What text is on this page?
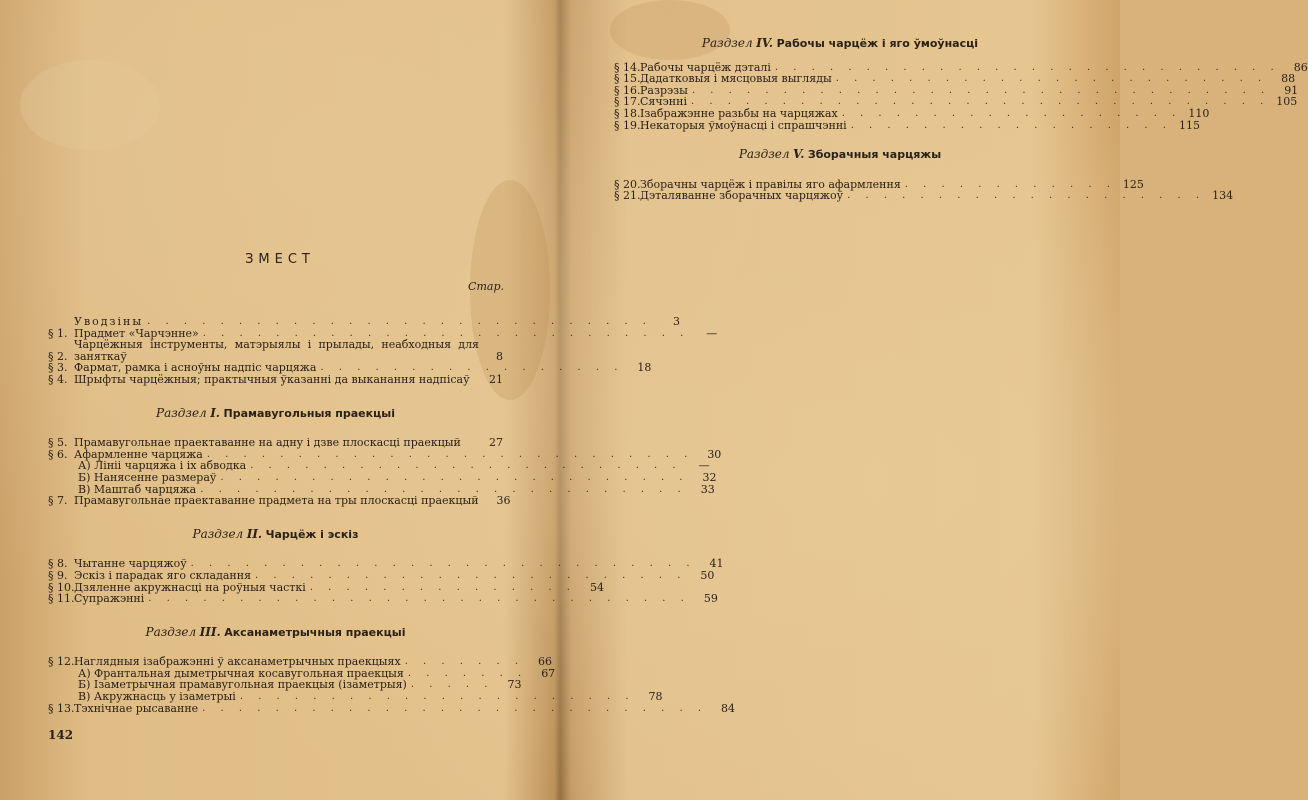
ЗМЕСТ
Стар.
Уводзіны . . . . . . . . . . . . . . . . . . . . . . . . . . . .	3
§ 1. Прадмет «Чарчэнне» . . . . . . . . . . . . . . . . . . . . . . . . . . .	—
§ 2.
Чарцёжныя інструменты, матэрыялы і прылады, неабходныя для заняткаў	8
§ 3. Фармат, рамка і асноўны надпіс чарцяжа . . . . . . . . . . . . . . . . .	18
§ 4. Шрыфты чарцёжныя; практычныя ўказанні да выканання надпісаў	21
Раздзел I. Прамавугольныя праекцыі
§ 5. Прамавугольнае праектаванне на адну і дзве плоскасці праекцый	27
§ 6. Афармленне чарцяжа . . . . . . . . . . . . . . . . . . . . . . . . . . .	30
А) Лініі чарцяжа і іх абводка . . . . . . . . . . . . . . . . . . . . . . . .	—
Б) Нанясенне размераў . . . . . . . . . . . . . . . . . . . . . . . . . .	32
В) Маштаб чарцяжа . . . . . . . . . . . . . . . . . . . . . . . . . . .	33
§ 7. Прамавугольнае праектаванне прадмета на тры плоскасці праекцый	36
Раздзел II. Чарцёж і эскіз
§ 8. Чытанне чарцяжоў . . . . . . . . . . . . . . . . . . . . . . . . . . . .	41
§ 9. Эскіз і парадак яго складання . . . . . . . . . . . . . . . . . . . . . . . .	50
§ 10. Дзяленне акружнасці на роўныя часткі . . . . . . . . . . . . . . .	54
§ 11. Супражэнні . . . . . . . . . . . . . . . . . . . . . . . . . . . . . .	59
Раздзел III. Аксанаметрычныя праекцыі
§ 12. Наглядныя ізабражэнні ў аксанаметрычных праекцыях . . . . . . .	66
А) Франтальная дыметрычная косавугольная праекцыя . . . . . . .	67
Б) Ізаметрычная прамавугольная праекцыя (ізаметрыя) . . . . .	73
В) Акружнасць у ізаметрыі . . . . . . . . . . . . . . . . . . . . . .	78
§ 13. Тэхнічнае рысаванне . . . . . . . . . . . . . . . . . . . . . . . . . . . .	84
142
Раздзел IV. Рабочы чарцёж і яго ўмоўнасці
§ 14. Рабочы чарцёж дэталі . . . . . . . . . . . . . . . . . . . . . . . . . . . .	86
§ 15. Дадатковыя і мясцовыя выгляды . . . . . . . . . . . . . . . . . . . . . . . .	88
§ 16. Разрэзы . . . . . . . . . . . . . . . . . . . . . . . . . . . . . . . .	91
§ 17. Сячэнні . . . . . . . . . . . . . . . . . . . . . . . . . . . . . . . . 105
§ 18. Ізабражэнне разьбы на чарцяжах . . . . . . . . . . . . . . . . . . . 110
§ 19. Некаторыя ўмоўнасці і спрашчэнні . . . . . . . . . . . . . . . . . . 115
Раздзел V. Зборачныя чарцяжы
§ 20. Зборачны чарцёж і правілы яго афармлення . . . . . . . . . . . . 125
§ 21. Дэталяванне зборачных чарцяжоў . . . . . . . . . . . . . . . . . . . . 134
